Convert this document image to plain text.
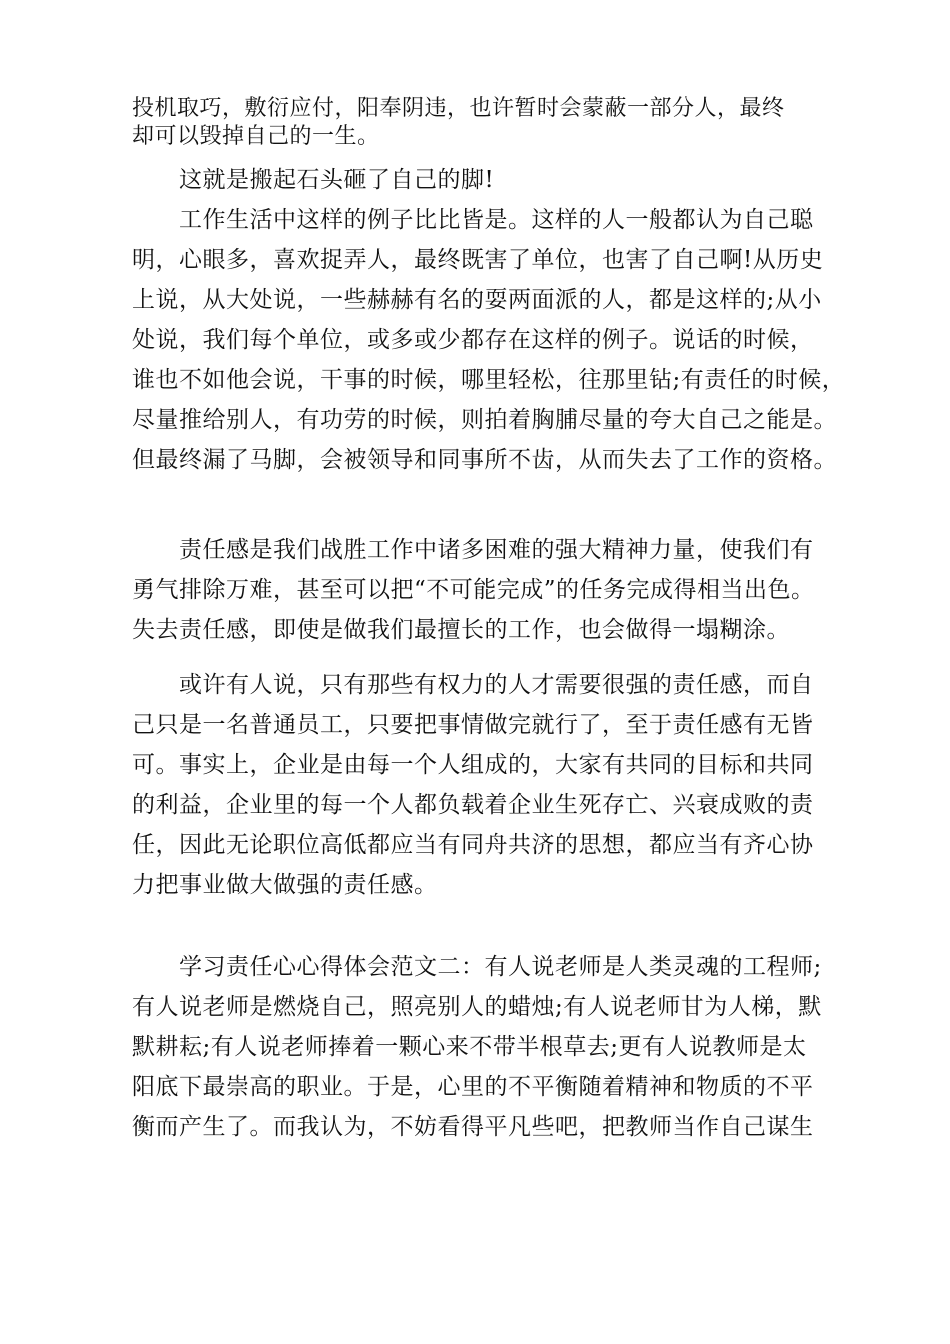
投机取巧，敷衍应付，阳奉阴违，也许暂时会蒙蔽一部分人，最终
却可以毁掉自己的一生。
　　这就是搬起石头砸了自己的脚!
　　工作生活中这样的例子比比皆是。这样的人一般都认为自己聪
明，心眼多，喜欢捉弄人，最终既害了单位，也害了自己啊!从历史
上说，从大处说，一些赫赫有名的耍两面派的人，都是这样的;从小
处说，我们每个单位，或多或少都存在这样的例子。说话的时候，
谁也不如他会说，干事的时候，哪里轻松，往那里钻;有责任的时候，
尽量推给别人，有功劳的时候，则拍着胸脯尽量的夸大自己之能是。
但最终漏了马脚，会被领导和同事所不齿，从而失去了工作的资格。
　　责任感是我们战胜工作中诸多困难的强大精神力量，使我们有
勇气排除万难，甚至可以把“不可能完成”的任务完成得相当出色。
失去责任感，即使是做我们最擅长的工作，也会做得一塌糊涂。
　　或许有人说，只有那些有权力的人才需要很强的责任感，而自
己只是一名普通员工，只要把事情做完就行了，至于责任感有无皆
可。事实上，企业是由每一个人组成的，大家有共同的目标和共同
的利益，企业里的每一个人都负载着企业生死存亡、兴衰成败的责
任，因此无论职位高低都应当有同舟共济的思想，都应当有齐心协
力把事业做大做强的责任感。
　　学习责任心心得体会范文二：有人说老师是人类灵魂的工程师;
有人说老师是燃烧自己，照亮别人的蜡烛;有人说老师甘为人梯，默
默耕耘;有人说老师捧着一颗心来不带半根草去;更有人说教师是太
阳底下最崇高的职业。于是，心里的不平衡随着精神和物质的不平
衡而产生了。而我认为，不妨看得平凡些吧，把教师当作自己谋生
